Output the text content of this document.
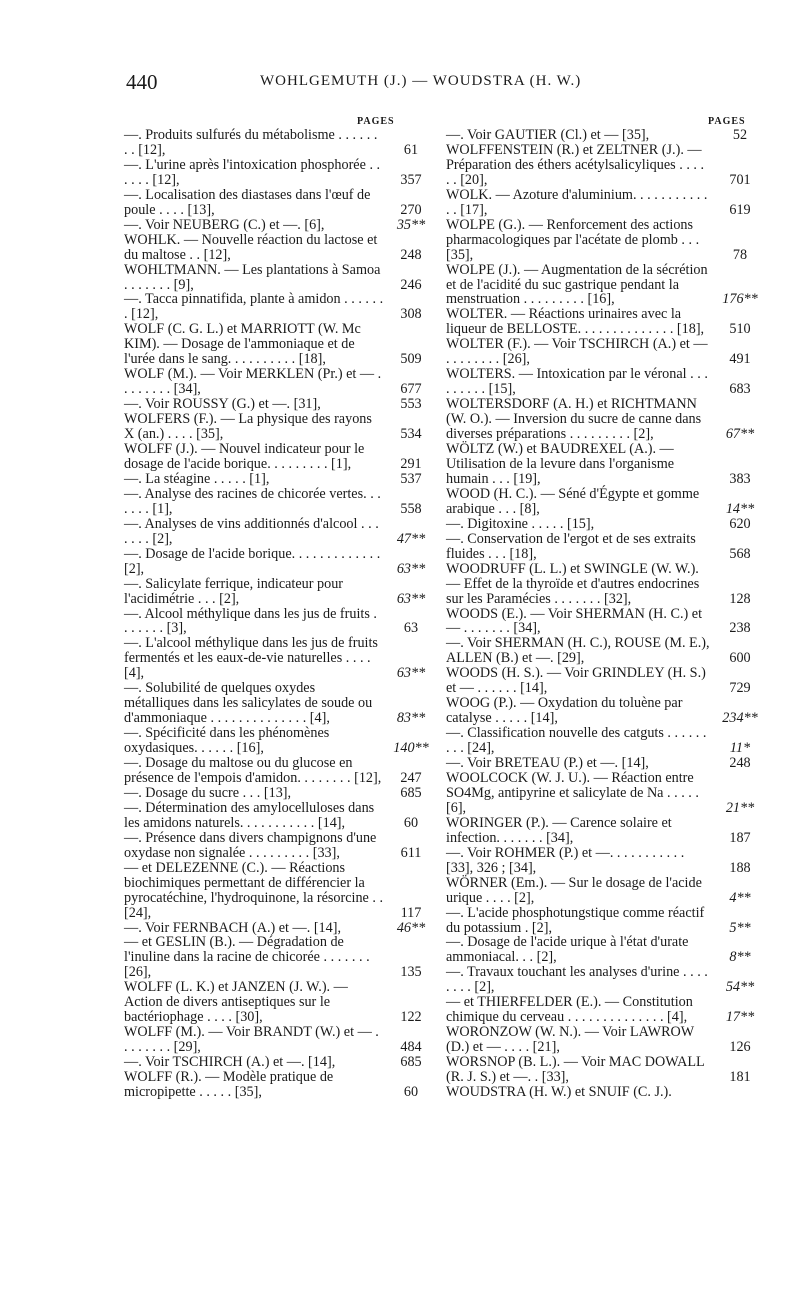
440	WOHLGEMUTH (J.) — WOUDSTRA (H. W.)
PAGES
—. Produits sulfurés du métabolisme . . . . . . . . [12],	61
—. L'urine après l'intoxication phosphorée . . . . . . [12],	357
—. Localisation des diastases dans l'œuf de poule . . . . [13],	270
—. Voir NEUBERG (C.) et —. [6],	35**
WOHLK. — Nouvelle réaction du lactose et du maltose . . [12],	248
WOHLTMANN. — Les plantations à Samoa . . . . . . . [9],	246
—. Tacca pinnatifida, plante à amidon . . . . . . . [12],	308
WOLF (C. G. L.) et MARRIOTT (W. Mc KIM). — Dosage de l'ammoniaque et de l'urée dans le sang. . . . . . . . . . [18],	509
WOLF (M.). — Voir MERKLEN (Pr.) et — . . . . . . . . [34],	677
—. Voir ROUSSY (G.) et —. [31],	553
WOLFERS (F.). — La physique des rayons X (an.) . . . . [35],	534
WOLFF (J.). — Nouvel indicateur pour le dosage de l'acide borique. . . . . . . . . [1],	291
—. La stéagine . . . . . [1],	537
—. Analyse des racines de chicorée vertes. . . . . . . [1],	558
—. Analyses de vins additionnés d'alcool . . . . . . . [2],	47**
—. Dosage de l'acide borique. . . . . . . . . . . . . [2],	63**
—. Salicylate ferrique, indicateur pour l'acidimétrie . . . [2],	63**
—. Alcool méthylique dans les jus de fruits . . . . . . . [3],	63
—. L'alcool méthylique dans les jus de fruits fermentés et les eaux-de-vie naturelles . . . . [4],	63**
—. Solubilité de quelques oxydes métalliques dans les salicylates de soude ou d'ammoniaque . . . . . . . . . . . . . . [4],	83**
—. Spécificité dans les phénomènes oxydasiques. . . . . . [16],	140**
—. Dosage du maltose ou du glucose en présence de l'empois d'amidon. . . . . . . . [12],	247
—. Dosage du sucre . . . [13],	685
—. Détermination des amylocelluloses dans les amidons naturels. . . . . . . . . . . [14],	60
—. Présence dans divers champignons d'une oxydase non signalée . . . . . . . . . [33],	611
— et DELEZENNE (C.). — Réactions biochimiques permettant de différencier la pyrocatéchine, l'hydroquinone, la résorcine . . [24],	117
—. Voir FERNBACH (A.) et —. [14],	46**
— et GESLIN (B.). — Dégradation de l'inuline dans la racine de chicorée . . . . . . . [26],	135
WOLFF (L. K.) et JANZEN (J. W.). — Action de divers antiseptiques sur le bactériophage . . . . [30],	122
WOLFF (M.). — Voir BRANDT (W.) et — . . . . . . . . [29],	484
—. Voir TSCHIRCH (A.) et —. [14],	685
WOLFF (R.). — Modèle pratique de micropipette . . . . . [35],	60
PAGES
—. Voir GAUTIER (Cl.) et — [35],	52
WOLFFENSTEIN (R.) et ZELTNER (J.). — Préparation des éthers acétylsalicyliques . . . . . . [20],	701
WOLK. — Azoture d'aluminium. . . . . . . . . . . . . [17],	619
WOLPE (G.). — Renforcement des actions pharmacologiques par l'acétate de plomb . . . [35],	78
WOLPE (J.). — Augmentation de la sécrétion et de l'acidité du suc gastrique pendant la menstruation . . . . . . . . . [16],	176**
WOLTER. — Réactions urinaires avec la liqueur de BELLOSTE. . . . . . . . . . . . . . [18],	510
WOLTER (F.). — Voir TSCHIRCH (A.) et — . . . . . . . . [26],	491
WOLTERS. — Intoxication par le véronal . . . . . . . . . [15],	683
WOLTERSDORF (A. H.) et RICHTMANN (W. O.). — Inversion du sucre de canne dans diverses préparations . . . . . . . . . [2],	67**
WÖLTZ (W.) et BAUDREXEL (A.). — Utilisation de la levure dans l'organisme humain . . . [19],	383
WOOD (H. C.). — Séné d'Égypte et gomme arabique . . . [8],	14**
—. Digitoxine . . . . . [15],	620
—. Conservation de l'ergot et de ses extraits fluides . . . [18],	568
WOODRUFF (L. L.) et SWINGLE (W. W.). — Effet de la thyroïde et d'autres endocrines sur les Paramécies . . . . . . . [32],	128
WOODS (E.). — Voir SHERMAN (H. C.) et — . . . . . . . [34],	238
—. Voir SHERMAN (H. C.), ROUSE (M. E.), ALLEN (B.) et —. [29],	600
WOODS (H. S.). — Voir GRINDLEY (H. S.) et — . . . . . . [14],	729
WOOG (P.). — Oxydation du toluène par catalyse . . . . . [14],	234**
—. Classification nouvelle des catguts . . . . . . . . . [24],	11*
—. Voir BRETEAU (P.) et —. [14],	248
WOOLCOCK (W. J. U.). — Réaction entre SO4Mg, antipyrine et salicylate de Na . . . . . [6],	21**
WORINGER (P.). — Carence solaire et infection. . . . . . . [34],	187
—. Voir ROHMER (P.) et —. . . . . . . . . . . [33], 326 ; [34],	188
WÖRNER (Em.). — Sur le dosage de l'acide urique . . . . [2],	4**
—. L'acide phosphotungstique comme réactif du potassium . [2],	5**
—. Dosage de l'acide urique à l'état d'urate ammoniacal. . . [2],	8**
—. Travaux touchant les analyses d'urine . . . . . . . . [2],	54**
— et THIERFELDER (E.). — Constitution chimique du cerveau . . . . . . . . . . . . . . [4],	17**
WORONZOW (W. N.). — Voir LAWROW (D.) et — . . . . [21],	126
WORSNOP (B. L.). — Voir MAC DOWALL (R. J. S.) et —. . [33],	181
WOUDSTRA (H. W.) et SNUIF (C. J.).
